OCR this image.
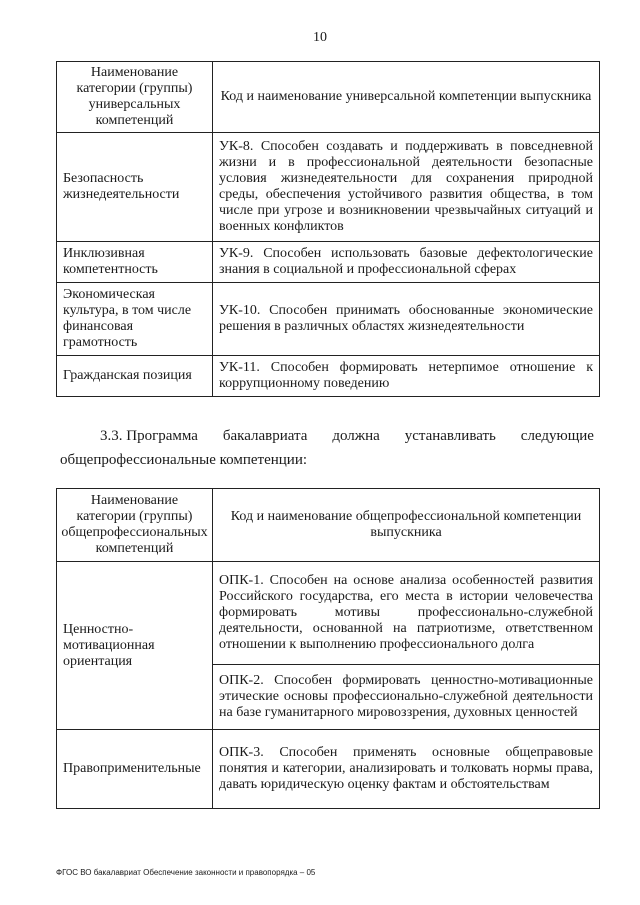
10
Наименование категории (группы) универсальных компетенций	Код и наименование универсальной компетенции выпускника
Безопасность жизнедеятельности	УК-8. Способен создавать и поддерживать в повседневной жизни и в профессиональной деятельности безопасные условия жизнедеятельности для сохранения природной среды, обеспечения устойчивого развития общества, в том числе при угрозе и возникновении чрезвычайных ситуаций и военных конфликтов
Инклюзивная компетентность	УК-9. Способен использовать базовые дефектологические знания в социальной и профессиональной сферах
Экономическая культура, в том числе финансовая грамотность	УК-10. Способен принимать обоснованные экономические решения в различных областях жизнедеятельности
Гражданская позиция	УК-11. Способен формировать нетерпимое отношение к коррупционному поведению
3.3. Программа бакалавриата должна устанавливать следующие
общепрофессиональные компетенции:
Наименование категории (группы) общепрофессиональных компетенций	Код и наименование общепрофессиональной компетенции выпускника
Ценностно-мотивационная ориентация	ОПК-1. Способен на основе анализа особенностей развития Российского государства, его места в истории человечества формировать мотивы профессионально-служебной деятельности, основанной на патриотизме, ответственном отношении к выполнению профессионального долга
	ОПК-2. Способен формировать ценностно-мотивационные этические основы профессионально-служебной деятельности на базе гуманитарного мировоззрения, духовных ценностей
Правоприменительные	ОПК-3. Способен применять основные общеправовые понятия и категории, анализировать и толковать нормы права, давать юридическую оценку фактам и обстоятельствам
ФГОС ВО бакалавриат Обеспечение законности и правопорядка – 05
